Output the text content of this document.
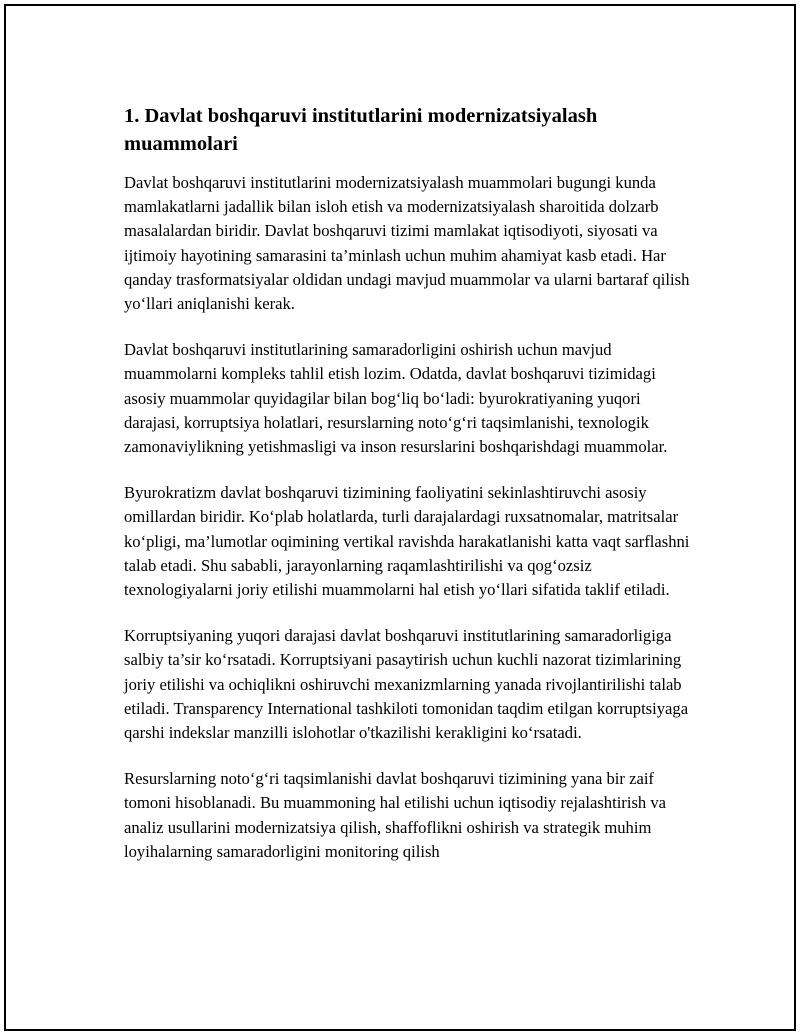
1. Davlat boshqaruvi institutlarini modernizatsiyalash muammolari

Davlat boshqaruvi institutlarini modernizatsiyalash muammolari bugungi kunda mamlakatlarni jadallik bilan isloh etish va modernizatsiyalash sharoitida dolzarb masalalardan biridir. Davlat boshqaruvi tizimi mamlakat iqtisodiyoti, siyosati va ijtimoiy hayotining samarasini ta’minlash uchun muhim ahamiyat kasb etadi. Har qanday trasformatsiyalar oldidan undagi mavjud muammolar va ularni bartaraf qilish yo‘llari aniqlanishi kerak.

Davlat boshqaruvi institutlarining samaradorligini oshirish uchun mavjud muammolarni kompleks tahlil etish lozim. Odatda, davlat boshqaruvi tizimidagi asosiy muammolar quyidagilar bilan bog‘liq bo‘ladi: byurokratiyaning yuqori darajasi, korruptsiya holatlari, resurslarning noto‘g‘ri taqsimlanishi, texnologik zamonaviylikning yetishmasligi va inson resurslarini boshqarishdagi muammolar.

Byurokratizm davlat boshqaruvi tizimining faoliyatini sekinlashtiruvchi asosiy omillardan biridir. Ko‘plab holatlarda, turli darajalardagi ruxsatnomalar, matritsalar ko‘pligi, ma’lumotlar oqimining vertikal ravishda harakatlanishi katta vaqt sarflashni talab etadi. Shu sababli, jarayonlarning raqamlashtirilishi va qog‘ozsiz texnologiyalarni joriy etilishi muammolarni hal etish yo‘llari sifatida taklif etiladi.

Korruptsiyaning yuqori darajasi davlat boshqaruvi institutlarining samaradorligiga salbiy ta’sir ko‘rsatadi. Korruptsiyani pasaytirish uchun kuchli nazorat tizimlarining joriy etilishi va ochiqlikni oshiruvchi mexanizmlarning yanada rivojlantirilishi talab etiladi. Transparency International tashkiloti tomonidan taqdim etilgan korruptsiyaga qarshi indekslar manzilli islohotlar o'tkazilishi kerakligini ko‘rsatadi.

Resurslarning noto‘g‘ri taqsimlanishi davlat boshqaruvi tizimining yana bir zaif tomoni hisoblanadi. Bu muammoning hal etilishi uchun iqtisodiy rejalashtirish va analiz usullarini modernizatsiya qilish, shaffoflikni oshirish va strategik muhim loyihalarning samaradorligini monitoring qilish
